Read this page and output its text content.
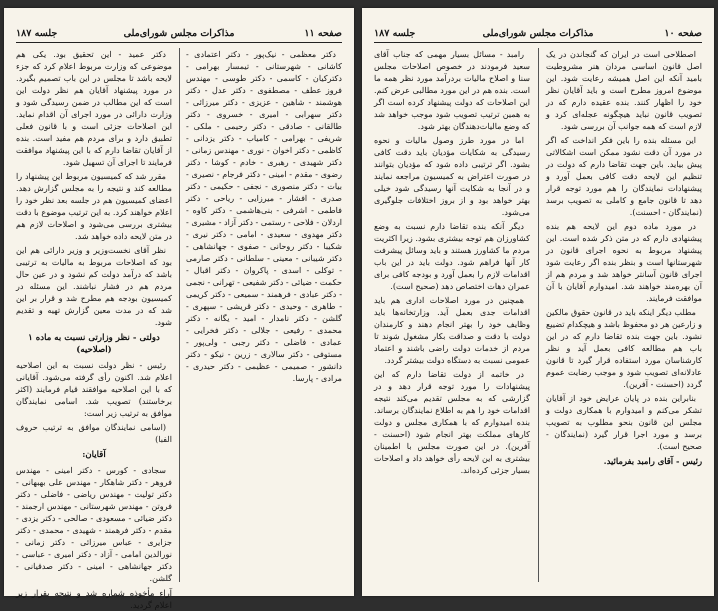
صفحه ۱۱
مذاکرات مجلس شورای‌ملی
جلسه ۱۸۷

دکتر معظمی - نیک‌پور - دکتر اعتمادی - کاشانی - شهرستانی - تیمسار بهرامی - دکترکیان - کاسمی - دکتر طوسی - مهندس فروز عطف - مصطفوی - دکتر عدل - دکتر هوشمند - شاهین - عزیزی - دکتر میرزائی - دکتر سهرابی - امیری - خسروی - دکتر طالقانی - صادقی - دکتر رحیمی - ملکی - شریفی - بهرامی - کامیاب - دکتر یزدانی - کاظمی - دکتر اخوان - نوری - مهندس زمانی - دکتر شهیدی - رهبری - خادم - کوشا - دکتر رضوی - مقدم - امینی - دکتر فرجام - نصیری - بیات - دکتر منصوری - نجفی - حکیمی - دکتر صدری - افشار - میرزایی - ریاحی - دکتر فاطمی - اشرفی - بنی‌هاشمی - دکتر کاوه - اردلان - فلاحی - رستمی - دکتر آزاد - مشیری - دکتر مهدوی - سعیدی - امامی - دکتر نیری - شکیبا - دکتر روحانی - صفوی - جهانشاهی - دکتر شیبانی - معینی - سلطانی - دکتر صارمی - توکلی - اسدی - پاکروان - دکتر اقبال - حکمت - ضیائی - دکتر شفیعی - تهرانی - نجمی - دکتر عبادی - فرهمند - سمیعی - دکتر کریمی - طاهری - وحیدی - دکتر قریشی - سپهری - گلشن - دکتر نامدار - امید - یگانه - دکتر محمدی - رفیعی - جلالی - دکتر فخرایی - عمادی - فاضلی - دکتر رجبی - ولی‌پور - مستوفی - دکتر سالاری - زرین - نیکو - دکتر دانشور - صمیمی - عظیمی - دکتر حیدری - مرادی - پارسا.

دکتر عمید - این تحقیق بود. یکی هم موضوعی که وزارت مربوط اعلام کرد که جزء لایحه باشد تا مجلس در این باب تصمیم بگیرد. در مورد پیشنهاد آقایان هم نظر دولت این است که این مطالب در ضمن رسیدگی شود و وزارت دارائی در مورد اجرای آن اقدام نماید. این اصلاحات جزئی است و با قانون فعلی تطبیق دارد و برای مردم هم مفید است. بنده از آقایان تقاضا دارم که با این پیشنهاد موافقت فرمایند تا اجرای آن تسهیل شود.

مقرر شد که کمیسیون مربوط این پیشنهاد را مطالعه کند و نتیجه را به مجلس گزارش دهد. اعضای کمیسیون هم در جلسه بعد نظر خود را اعلام خواهند کرد. به این ترتیب موضوع با دقت بیشتری بررسی می‌شود و اصلاحات لازم هم در متن لایحه داده خواهد شد.

نظر آقای نخست‌وزیر و وزیر دارائی هم این بود که اصلاحات مربوط به مالیات به ترتیبی باشد که درآمد دولت کم نشود و در عین حال مردم هم در فشار نباشند. این مسئله در کمیسیون بودجه هم مطرح شد و قرار بر این شد که در مدت معین گزارش تهیه و تقدیم شود.

دولتی - نظر وزارتی نسبت به ماده ۱ (اصلاحیه)

رئیس - نظر دولت نسبت به این اصلاحیه اعلام شد. اکنون رأی گرفته می‌شود. آقایانی که با این اصلاحیه موافقند قیام فرمایند (اکثر برخاستند) تصویب شد. اسامی نمایندگان موافق به ترتیب زیر است:

(اسامی نمایندگان موافق به ترتیب حروف الفبا)

آقایان:

سجادی - کورس - دکتر امینی - مهندس فروهر - دکتر شاهکار - مهندس علی بهبهانی - دکتر تولیت - مهندس ریاضی - فاضلی - دکتر فروتن - مهندس شهرستانی - مهندس ارجمند - دکتر ضیائی - مسعودی - صالحی - دکتر یزدی - مقدم - دکتر فرهمند - شهیدی - محمدی - دکتر جزایری - عباس میرزائی - دکتر زمانی - نورالدین امامی - آزاد - دکتر امیری - عباسی - دکتر جهانشاهی - امینی - دکتر صدقیانی - گلشن.

آراء مأخوذه شماره شد و نتیجه بقرار زیر اعلام گردید.
صفحه ۱۰
مذاکرات مجلس شورای‌ملی
جلسه ۱۸۷

اصطلاحی است در ایران که گنجاندن در یک اصل قانون اساسی مردان هنر مشروطیت بامید آنکه این اصل همیشه رعایت شود. این موضوع امروز مطرح است و باید آقایان نظر خود را اظهار کنند. بنده عقیده دارم که در تصویب قانون نباید هیچگونه عجله‌ای کرد و لازم است که همه جوانب آن بررسی شود.

این مسئله بنده را باین فکر انداخت که اگر در مورد آن دقت نشود ممکن است اشکالاتی پیش بیاید. باین جهت تقاضا دارم که دولت در تنظیم این لایحه دقت کافی بعمل آورد و پیشنهادات نمایندگان را هم مورد توجه قرار دهد تا قانون جامع و کاملی به تصویب برسد (نمایندگان - احسنت).

در مورد ماده دوم این لایحه هم بنده پیشنهادی دارم که در متن ذکر شده است. این پیشنهاد مربوط به نحوه اجرای قانون در شهرستانها است و بنظر بنده اگر رعایت شود اجرای قانون آسانتر خواهد شد و مردم هم از آن بهره‌مند خواهند شد. امیدوارم آقایان با آن موافقت فرمایند.

مطلب دیگر اینکه باید در قانون حقوق مالکین و زارعین هر دو محفوظ باشد و هیچکدام تضییع نشود. باین جهت بنده تقاضا دارم که در این باب هم مطالعه کافی بعمل آید و نظر کارشناسان مورد استفاده قرار گیرد تا قانون عادلانه‌ای تصویب شود و موجب رضایت عموم گردد (احسنت - آفرین).

بنابراین بنده در پایان عرایض خود از آقایان تشکر می‌کنم و امیدوارم با همکاری دولت و مجلس این قانون بنحو مطلوب به تصویب برسد و مورد اجرا قرار گیرد (نمایندگان - صحیح است).

رئیس - آقای رامبد بفرمائید.

رامبد - مسائل بسیار مهمی که جناب آقای سعید فرمودند در خصوص اصلاحات مجلس سنا و اصلاح مالیات بردرآمد مورد نظر همه ما است. بنده هم در این مورد مطالبی عرض کنم. این اصلاحات که دولت پیشنهاد کرده است اگر به همین ترتیب تصویب شود موجب خواهد شد که وضع مالیات‌دهندگان بهتر شود.

اما در مورد طرز وصول مالیات و نحوه رسیدگی به شکایات مؤدیان باید دقت کافی بشود. اگر ترتیبی داده شود که مؤدیان بتوانند در صورت اعتراض به کمیسیون مراجعه نمایند و در آنجا به شکایت آنها رسیدگی شود خیلی بهتر خواهد بود و از بروز اختلافات جلوگیری می‌شود.

دیگر آنکه بنده تقاضا دارم نسبت به وضع کشاورزان هم توجه بیشتری بشود. زیرا اکثریت مردم ما کشاورز هستند و باید وسائل پیشرفت کار آنها فراهم شود. دولت باید در این باب اقدامات لازم را بعمل آورد و بودجه کافی برای عمران دهات اختصاص دهد (صحیح است).

همچنین در مورد اصلاحات اداری هم باید اقدامات جدی بعمل آید. وزارتخانه‌ها باید وظایف خود را بهتر انجام دهند و کارمندان دولت با دقت و صداقت بکار مشغول شوند تا مردم از خدمات دولت راضی باشند و اعتماد عمومی نسبت به دستگاه دولت بیشتر گردد.

در خاتمه از دولت تقاضا دارم که این پیشنهادات را مورد توجه قرار دهد و در گزارشی که به مجلس تقدیم می‌کند نتیجه اقدامات خود را هم به اطلاع نمایندگان برساند. بنده امیدوارم که با همکاری مجلس و دولت کارهای مملکت بهتر انجام شود (احسنت - آفرین). در این صورت مجلس با اطمینان بیشتری به این لایحه رأی خواهد داد و اصلاحات بسیار جزئی کرده‌اند.
